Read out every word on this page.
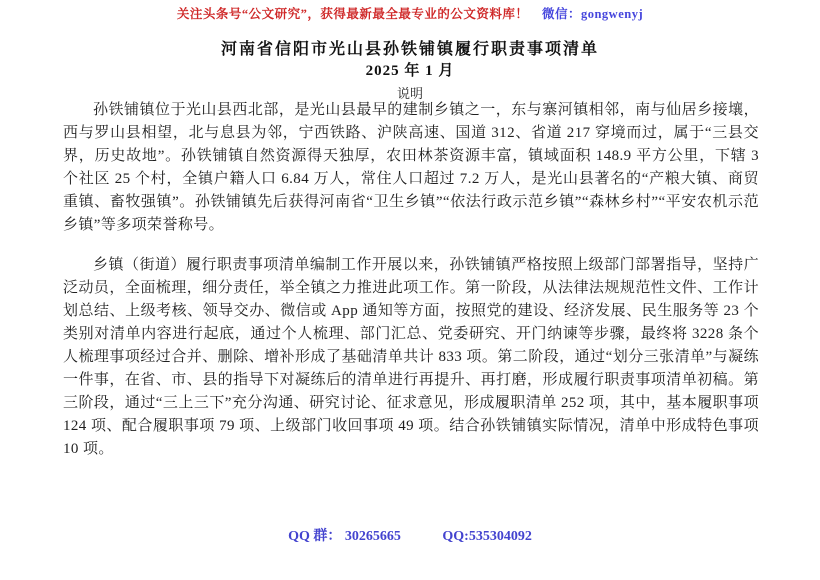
关注头条号“公文研究”，获得最新最全最专业的公文资料库！ 微信：gongwenyj
河南省信阳市光山县孙铁铺镇履行职责事项清单
2025 年 1 月
说明

孙铁铺镇位于光山县西北部，是光山县最早的建制乡镇之一，东与寨河镇相邻，南与仙居乡接壤，西与罗山县相望，北与息县为邻，宁西铁路、沪陕高速、国道 312、省道 217 穿境而过，属于“三县交界，历史故地”。孙铁铺镇自然资源得天独厚，农田林茶资源丰富，镇域面积 148.9 平方公里，下辖 3 个社区 25 个村，全镇户籍人口 6.84 万人，常住人口超过 7.2 万人，是光山县著名的“产粮大镇、商贸重镇、畜牧强镇”。孙铁铺镇先后获得河南省“卫生乡镇”“依法行政示范乡镇”“森林乡村”“平安农机示范乡镇”等多项荣誉称号。

乡镇（街道）履行职责事项清单编制工作开展以来，孙铁铺镇严格按照上级部门部署指导，坚持广泛动员，全面梳理，细分责任，举全镇之力推进此项工作。第一阶段，从法律法规规范性文件、工作计划总结、上级考核、领导交办、微信或 App 通知等方面，按照党的建设、经济发展、民生服务等 23 个类别对清单内容进行起底，通过个人梳理、部门汇总、党委研究、开门纳谏等步骤，最终将 3228 条个人梳理事项经过合并、删除、增补形成了基础清单共计 833 项。第二阶段，通过“划分三张清单”与凝练一件事，在省、市、县的指导下对凝练后的清单进行再提升、再打磨，形成履行职责事项清单初稿。第三阶段，通过“三上三下”充分沟通、研究讨论、征求意见，形成履职清单 252 项，其中，基本履职事项 124 项、配合履职事项 79 项、上级部门收回事项 49 项。结合孙铁铺镇实际情况，清单中形成特色事项 10 项。

QQ 群： 30265665	QQ:535304092
